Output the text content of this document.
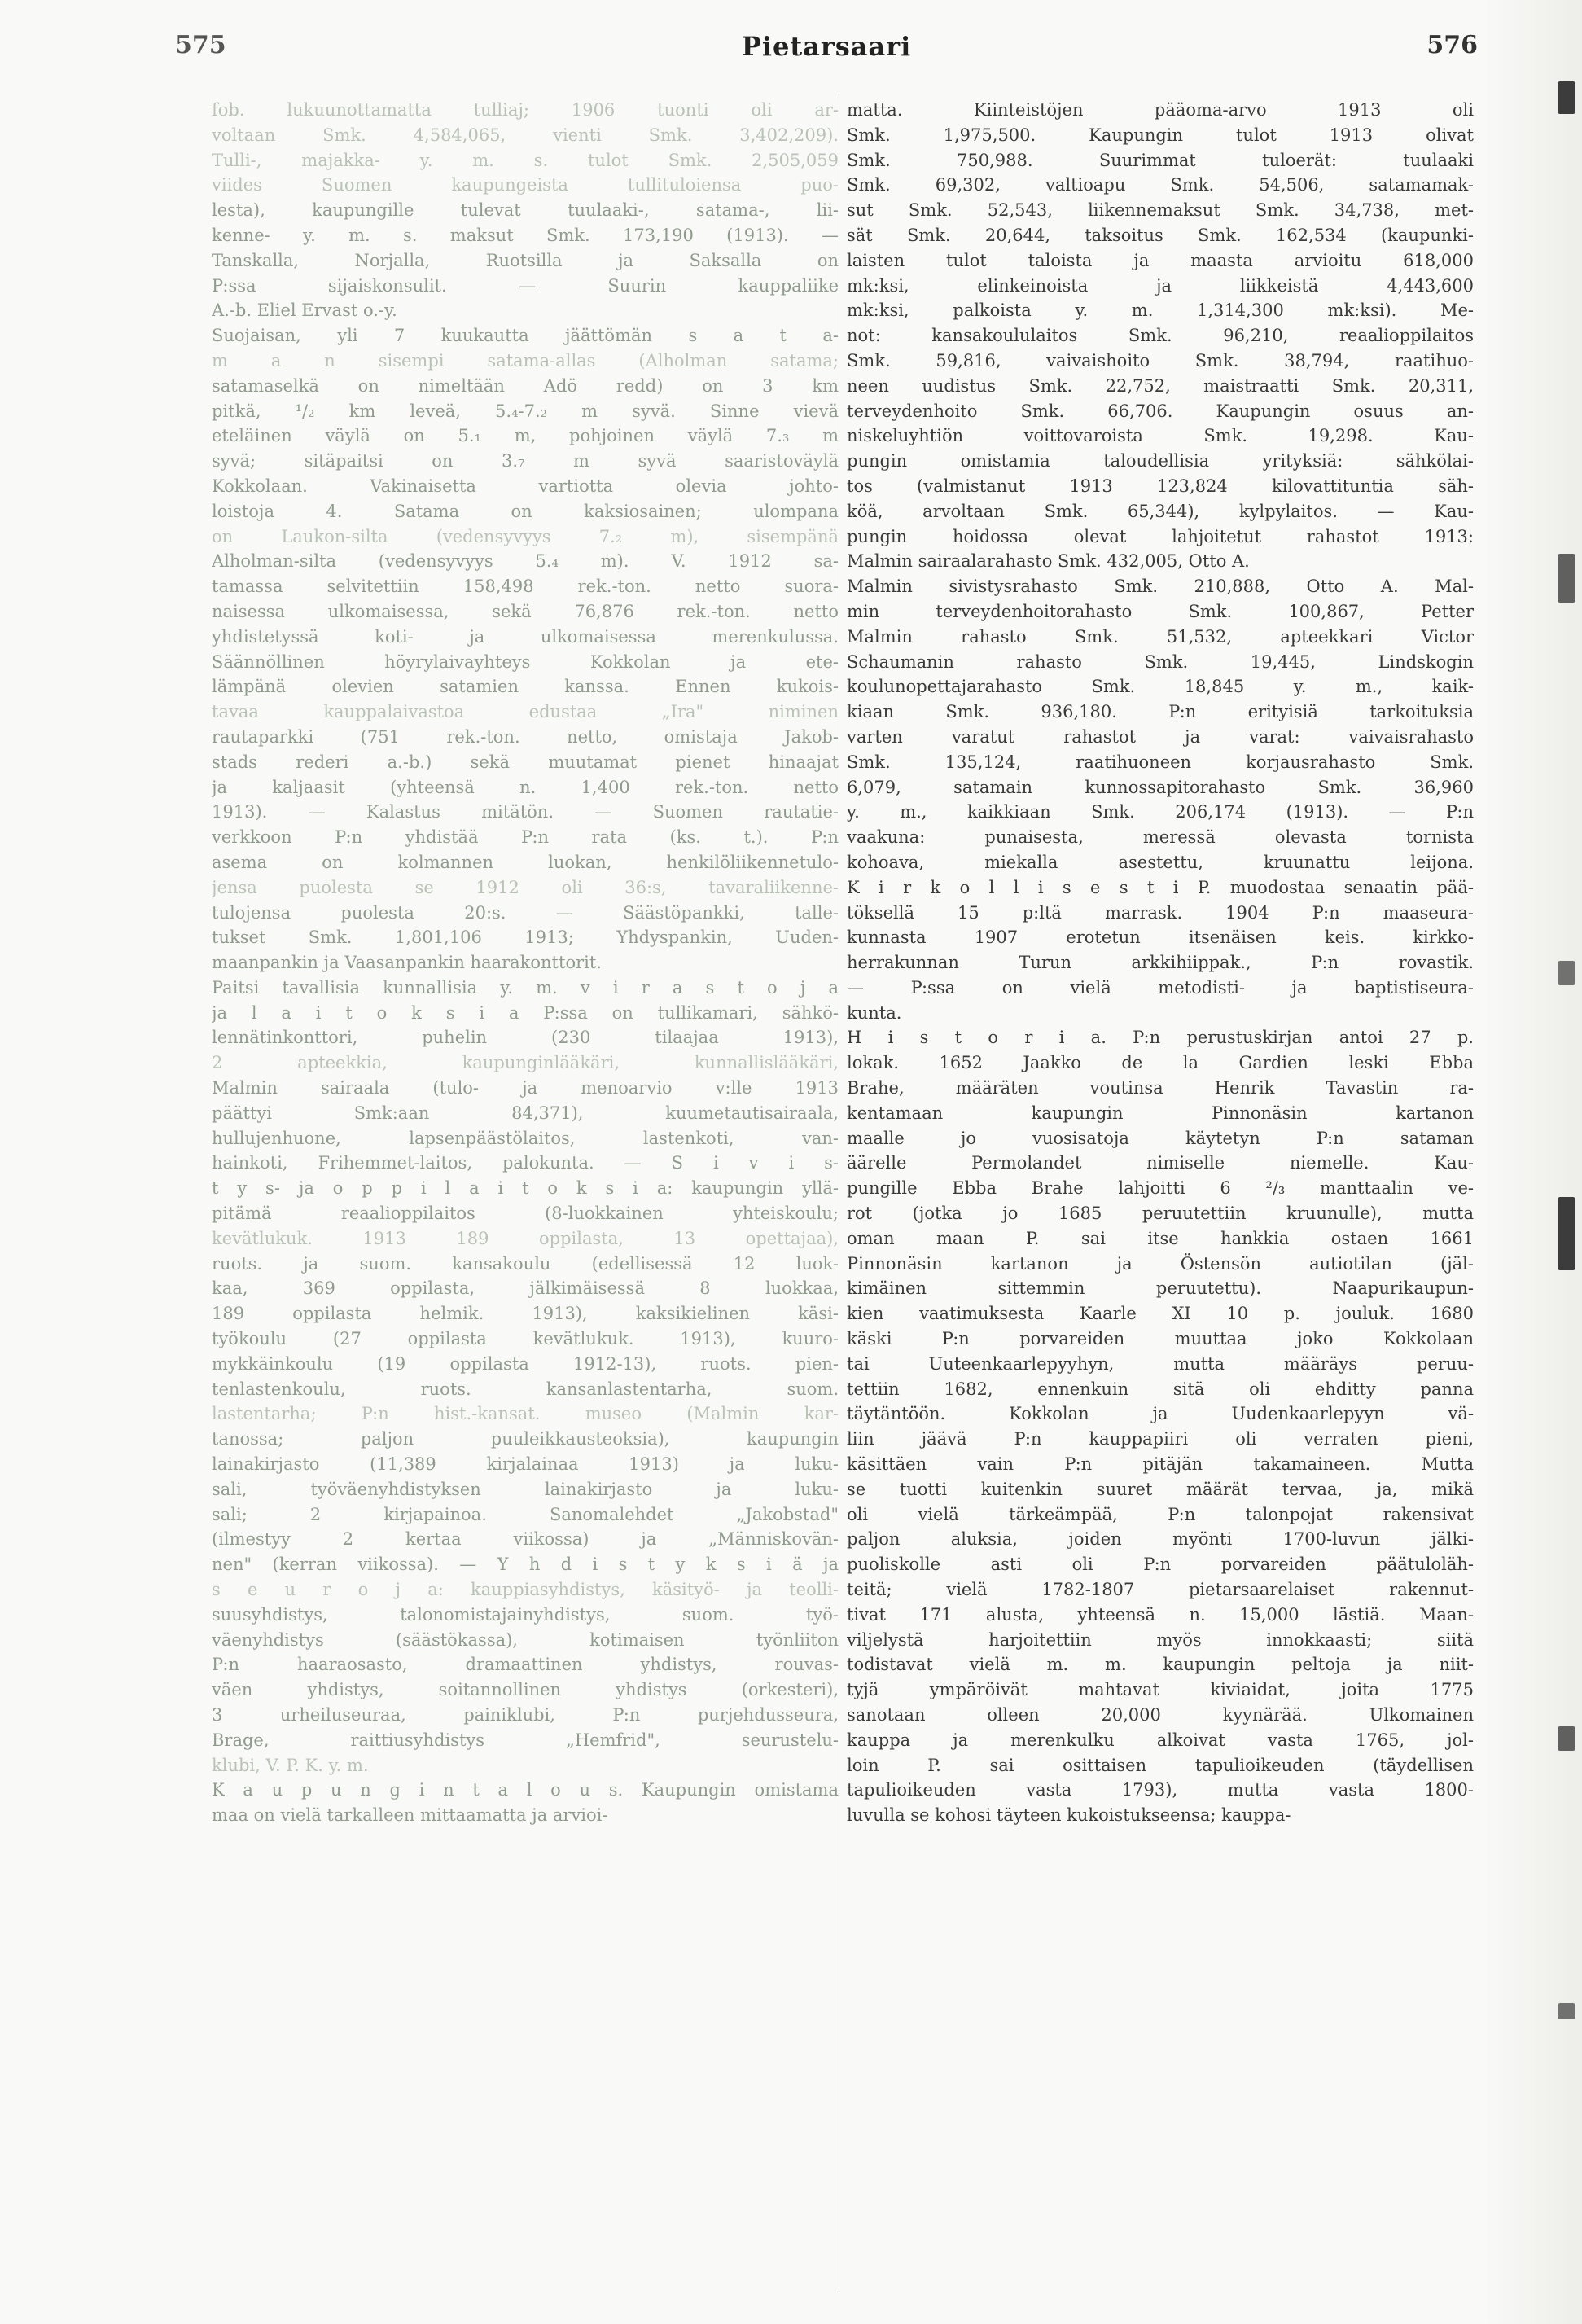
575	Pietarsaari	576
fob. lukuunottamatta tulliaj; 1906 tuonti oli ar-
voltaan Smk. 4,584,065, vienti Smk. 3,402,209).
Tulli-, majakka- y. m. s. tulot Smk. 2,505,059
viides Suomen kaupungeista tullituloiensa puo-
lesta), kaupungille tulevat tuulaaki-, satama-, lii-
kenne- y. m. s. maksut Smk. 173,190 (1913). —
Tanskalla, Norjalla, Ruotsilla ja Saksalla on
P:ssa sijaiskonsulit. — Suurin kauppaliike
A.-b. Eliel Ervast o.-y.
Suojaisan, yli 7 kuukautta jäättömän s a t a-
m a n sisempi satama-allas (Alholman satama;
satamaselkä on nimeltään Adö redd) on 3 km
pitkä, ¹/₂ km leveä, 5.₄-7.₂ m syvä. Sinne vievä
eteläinen väylä on 5.₁ m, pohjoinen väylä 7.₃ m
syvä; sitäpaitsi on 3.₇ m syvä saaristoväylä
Kokkolaan. Vakinaisetta vartiotta olevia johto-
loistoja 4. Satama on kaksiosainen; ulompana
on Laukon-silta (vedensyvyys 7.₂ m), sisempänä
Alholman-silta (vedensyvyys 5.₄ m). V. 1912 sa-
tamassa selvitettiin 158,498 rek.-ton. netto suora-
naisessa ulkomaisessa, sekä 76,876 rek.-ton. netto
yhdistetyssä koti- ja ulkomaisessa merenkulussa.
Säännöllinen höyrylaivayhteys Kokkolan ja ete-
lämpänä olevien satamien kanssa. Ennen kukois-
tavaa kauppalaivastoa edustaa „Ira" niminen
rautaparkki (751 rek.-ton. netto, omistaja Jakob-
stads rederi a.-b.) sekä muutamat pienet hinaajat
ja kaljaasit (yhteensä n. 1,400 rek.-ton. netto
1913). — Kalastus mitätön. — Suomen rautatie-
verkkoon P:n yhdistää P:n rata (ks. t.). P:n
asema on kolmannen luokan, henkilöliikennetulo-
jensa puolesta se 1912 oli 36:s, tavaraliikenne-
tulojensa puolesta 20:s. — Säästöpankki, talle-
tukset Smk. 1,801,106 1913; Yhdyspankin, Uuden-
maanpankin ja Vaasanpankin haarakonttorit.
Paitsi tavallisia kunnallisia y. m. v i r a s t o j a
ja l a i t o k s i a P:ssa on tullikamari, sähkö-
lennätinkonttori, puhelin (230 tilaajaa 1913),
2 apteekkia, kaupunginlääkäri, kunnallislääkäri,
Malmin sairaala (tulo- ja menoarvio v:lle 1913
päättyi Smk:aan 84,371), kuumetautisairaala,
hullujenhuone, lapsenpäästölaitos, lastenkoti, van-
hainkoti, Frihemmet-laitos, palokunta. — S i v i s-
t y s- ja o p p i l a i t o k s i a: kaupungin yllä-
pitämä reaalioppilaitos (8-luokkainen yhteiskoulu;
kevätlukuk. 1913 189 oppilasta, 13 opettajaa),
ruots. ja suom. kansakoulu (edellisessä 12 luok-
kaa, 369 oppilasta, jälkimäisessä 8 luokkaa,
189 oppilasta helmik. 1913), kaksikielinen käsi-
työkoulu (27 oppilasta kevätlukuk. 1913), kuuro-
mykkäinkoulu (19 oppilasta 1912-13), ruots. pien-
tenlastenkoulu, ruots. kansanlastentarha, suom.
lastentarha; P:n hist.-kansat. museo (Malmin kar-
tanossa; paljon puuleikkausteoksia), kaupungin
lainakirjasto (11,389 kirjalainaa 1913) ja luku-
sali, työväenyhdistyksen lainakirjasto ja luku-
sali; 2 kirjapainoa. Sanomalehdet „Jakobstad"
(ilmestyy 2 kertaa viikossa) ja „Människovän-
nen" (kerran viikossa). — Y h d i s t y k s i ä ja
s e u r o j a: kauppiasyhdistys, käsityö- ja teolli-
suusyhdistys, talonomistajainyhdistys, suom. työ-
väenyhdistys (säästökassa), kotimaisen työnliiton
P:n haaraosasto, dramaattinen yhdistys, rouvas-
väen yhdistys, soitannollinen yhdistys (orkesteri),
3 urheiluseuraa, painiklubi, P:n purjehdusseura,
Brage, raittiusyhdistys „Hemfrid", seurustelu-
klubi, V. P. K. y. m.
K a u p u n g i n t a l o u s. Kaupungin omistama
maa on vielä tarkalleen mittaamatta ja arvioi-
matta. Kiinteistöjen pääoma-arvo 1913 oli
Smk. 1,975,500. Kaupungin tulot 1913 olivat
Smk. 750,988. Suurimmat tuloerät: tuulaaki
Smk. 69,302, valtioapu Smk. 54,506, satamamak-
sut Smk. 52,543, liikennemaksut Smk. 34,738, met-
sät Smk. 20,644, taksoitus Smk. 162,534 (kaupunki-
laisten tulot taloista ja maasta arvioitu 618,000
mk:ksi, elinkeinoista ja liikkeistä 4,443,600
mk:ksi, palkoista y. m. 1,314,300 mk:ksi). Me-
not: kansakoululaitos Smk. 96,210, reaalioppilaitos
Smk. 59,816, vaivaishoito Smk. 38,794, raatihuo-
neen uudistus Smk. 22,752, maistraatti Smk. 20,311,
terveydenhoito Smk. 66,706. Kaupungin osuus an-
niskeluyhtiön voittovaroista Smk. 19,298. Kau-
pungin omistamia taloudellisia yrityksiä: sähkölai-
tos (valmistanut 1913 123,824 kilovattituntia säh-
köä, arvoltaan Smk. 65,344), kylpylaitos. — Kau-
pungin hoidossa olevat lahjoitetut rahastot 1913:
Malmin sairaalarahasto Smk. 432,005, Otto A.
Malmin sivistysrahasto Smk. 210,888, Otto A. Mal-
min terveydenhoitorahasto Smk. 100,867, Petter
Malmin rahasto Smk. 51,532, apteekkari Victor
Schaumanin rahasto Smk. 19,445, Lindskogin
koulunopettajarahasto Smk. 18,845 y. m., kaik-
kiaan Smk. 936,180. P:n erityisiä tarkoituksia
varten varatut rahastot ja varat: vaivaisrahasto
Smk. 135,124, raatihuoneen korjausrahasto Smk.
6,079, satamain kunnossapitorahasto Smk. 36,960
y. m., kaikkiaan Smk. 206,174 (1913). — P:n
vaakuna: punaisesta, meressä olevasta tornista
kohoava, miekalla asestettu, kruunattu leijona.
K i r k o l l i s e s t i P. muodostaa senaatin pää-
töksellä 15 p:ltä marrask. 1904 P:n maaseura-
kunnasta 1907 erotetun itsenäisen keis. kirkko-
herrakunnan Turun arkkihiippak., P:n rovastik.
— P:ssa on vielä metodisti- ja baptistiseura-
kunta.
H i s t o r i a. P:n perustuskirjan antoi 27 p.
lokak. 1652 Jaakko de la Gardien leski Ebba
Brahe, määräten voutinsa Henrik Tavastin ra-
kentamaan kaupungin Pinnonäsin kartanon
maalle jo vuosisatoja käytetyn P:n sataman
äärelle Permolandet nimiselle niemelle. Kau-
pungille Ebba Brahe lahjoitti 6 ²/₃ manttaalin ve-
rot (jotka jo 1685 peruutettiin kruunulle), mutta
oman maan P. sai itse hankkia ostaen 1661
Pinnonäsin kartanon ja Östensön autiotilan (jäl-
kimäinen sittemmin peruutettu). Naapurikaupun-
kien vaatimuksesta Kaarle XI 10 p. jouluk. 1680
käski P:n porvareiden muuttaa joko Kokkolaan
tai Uuteenkaarlepyyhyn, mutta määräys peruu-
tettiin 1682, ennenkuin sitä oli ehditty panna
täytäntöön. Kokkolan ja Uudenkaarlepyyn vä-
liin jäävä P:n kauppapiiri oli verraten pieni,
käsittäen vain P:n pitäjän takamaineen. Mutta
se tuotti kuitenkin suuret määrät tervaa, ja, mikä
oli vielä tärkeämpää, P:n talonpojat rakensivat
paljon aluksia, joiden myönti 1700-luvun jälki-
puoliskolle asti oli P:n porvareiden päätuloläh-
teitä; vielä 1782-1807 pietarsaarelaiset rakennut-
tivat 171 alusta, yhteensä n. 15,000 lästiä. Maan-
viljelystä harjoitettiin myös innokkaasti; siitä
todistavat vielä m. m. kaupungin peltoja ja niit-
tyjä ympäröivät mahtavat kiviaidat, joita 1775
sanotaan olleen 20,000 kyynärää. Ulkomainen
kauppa ja merenkulku alkoivat vasta 1765, jol-
loin P. sai osittaisen tapulioikeuden (täydellisen
tapulioikeuden vasta 1793), mutta vasta 1800-
luvulla se kohosi täyteen kukoistukseensa; kauppa-
